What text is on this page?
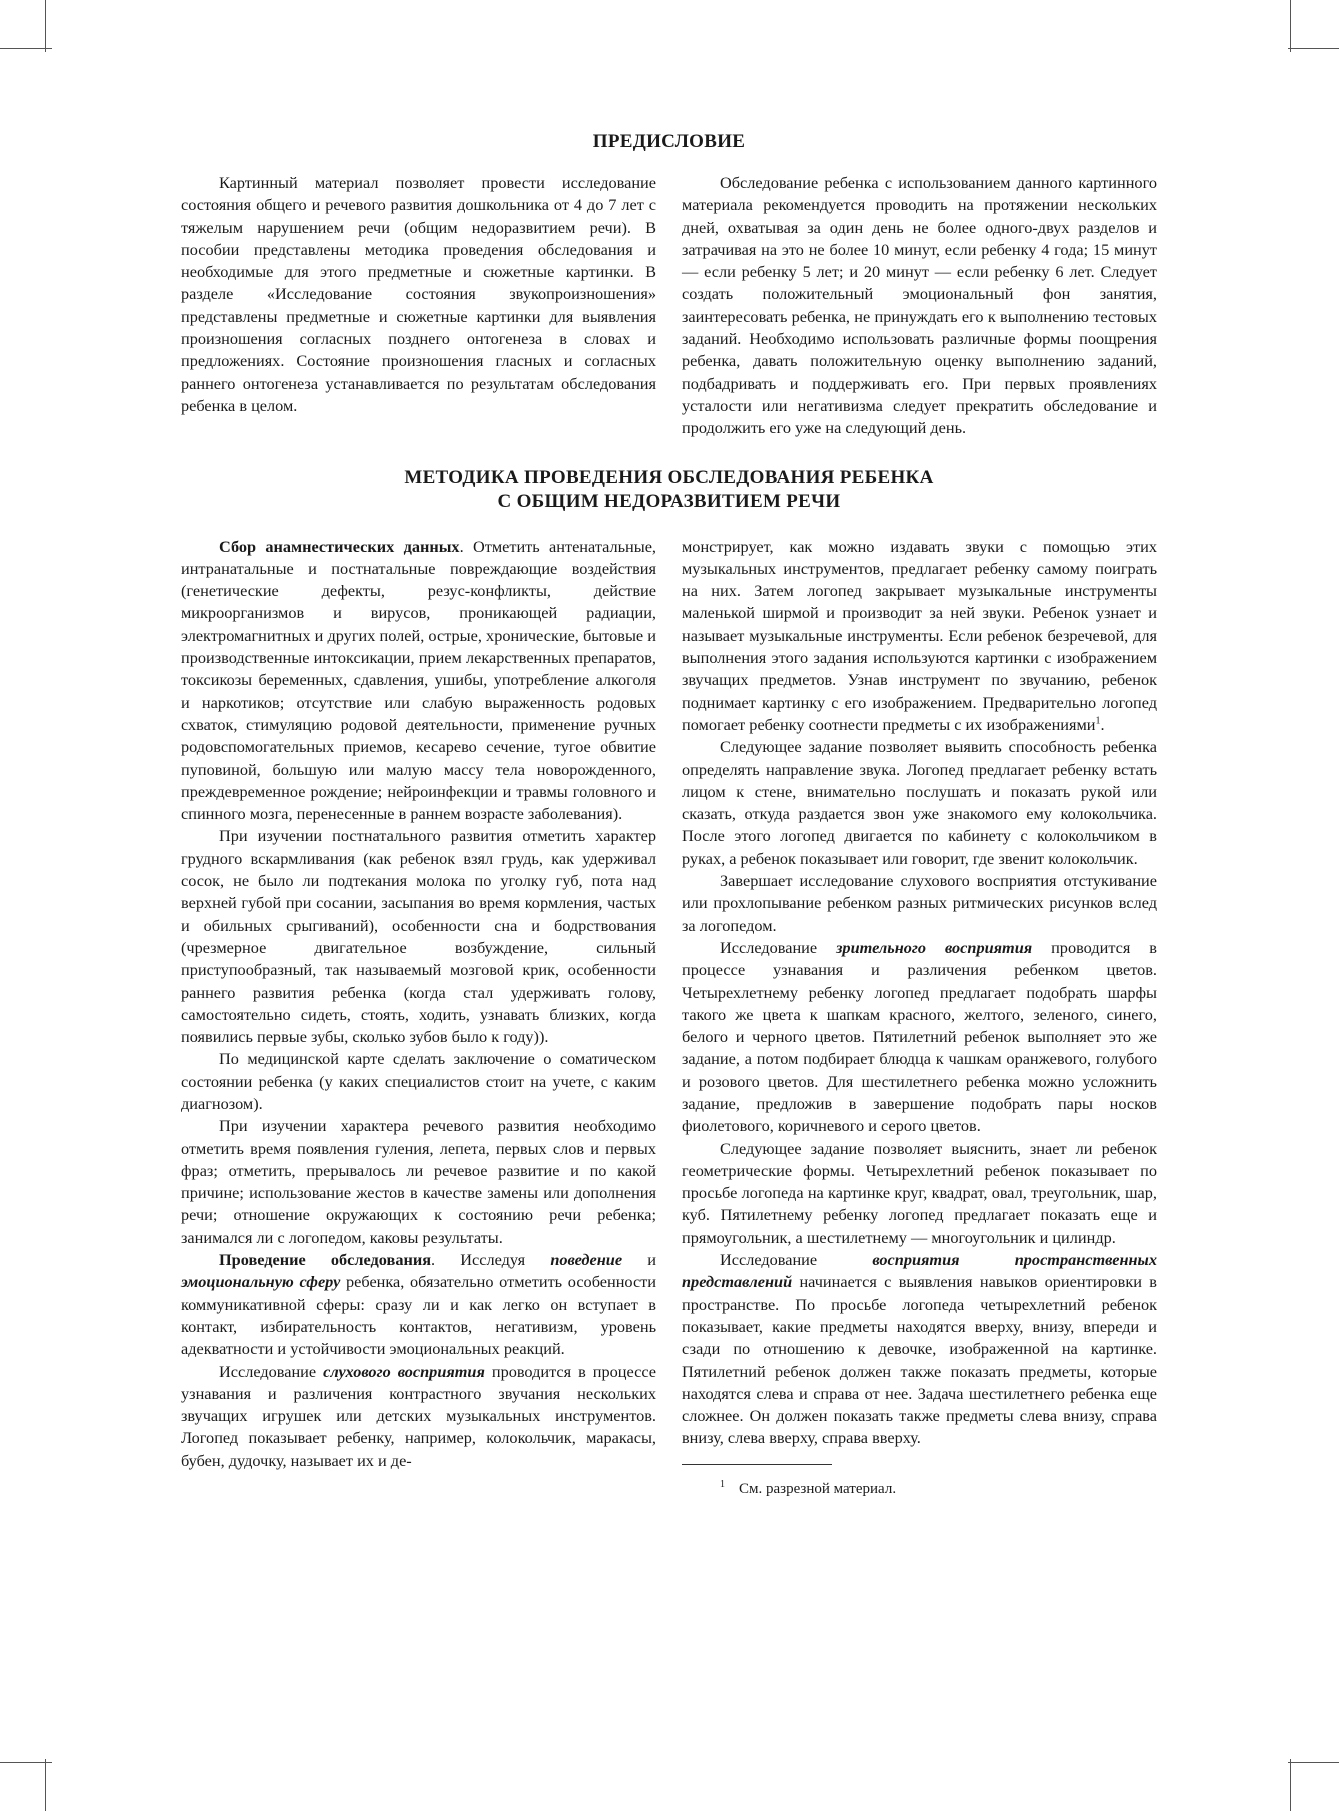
ПРЕДИСЛОВИЕ

Картинный материал позволяет провести исследование состояния общего и речевого развития дошкольника от 4 до 7 лет с тяжелым нарушением речи (общим недоразвитием речи). В пособии представлены методика проведения обследования и необходимые для этого предметные и сюжетные картинки. В разделе «Исследование состояния звукопроизношения» представлены предметные и сюжетные картинки для выявления произношения согласных позднего онтогенеза в словах и предложениях. Состояние произношения гласных и согласных раннего онтогенеза устанавливается по результатам обследования ребенка в целом.

Обследование ребенка с использованием данного картинного материала рекомендуется проводить на протяжении нескольких дней, охватывая за один день не более одного-двух разделов и затрачивая на это не более 10 минут, если ребенку 4 года; 15 минут — если ребенку 5 лет; и 20 минут — если ребенку 6 лет. Следует создать положительный эмоциональный фон занятия, заинтересовать ребенка, не принуждать его к выполнению тестовых заданий. Необходимо использовать различные формы поощрения ребенка, давать положительную оценку выполнению заданий, подбадривать и поддерживать его. При первых проявлениях усталости или негативизма следует прекратить обследование и продолжить его уже на следующий день.

МЕТОДИКА ПРОВЕДЕНИЯ ОБСЛЕДОВАНИЯ РЕБЕНКА
С ОБЩИМ НЕДОРАЗВИТИЕМ РЕЧИ

Сбор анамнестических данных. Отметить антенатальные, интранатальные и постнатальные повреждающие воздействия (генетические дефекты, резус-конфликты, действие микроорганизмов и вирусов, проникающей радиации, электромагнитных и других полей, острые, хронические, бытовые и производственные интоксикации, прием лекарственных препаратов, токсикозы беременных, сдавления, ушибы, употребление алкоголя и наркотиков; отсутствие или слабую выраженность родовых схваток, стимуляцию родовой деятельности, применение ручных родовспомогательных приемов, кесарево сечение, тугое обвитие пуповиной, большую или малую массу тела новорожденного, преждевременное рождение; нейроинфекции и травмы головного и спинного мозга, перенесенные в раннем возрасте заболевания).

При изучении постнатального развития отметить характер грудного вскармливания (как ребенок взял грудь, как удерживал сосок, не было ли подтекания молока по уголку губ, пота над верхней губой при сосании, засыпания во время кормления, частых и обильных срыгиваний), особенности сна и бодрствования (чрезмерное двигательное возбуждение, сильный приступообразный, так называемый мозговой крик, особенности раннего развития ребенка (когда стал удерживать голову, самостоятельно сидеть, стоять, ходить, узнавать близких, когда появились первые зубы, сколько зубов было к году)).

По медицинской карте сделать заключение о соматическом состоянии ребенка (у каких специалистов стоит на учете, с каким диагнозом).

При изучении характера речевого развития необходимо отметить время появления гуления, лепета, первых слов и первых фраз; отметить, прерывалось ли речевое развитие и по какой причине; использование жестов в качестве замены или дополнения речи; отношение окружающих к состоянию речи ребенка; занимался ли с логопедом, каковы результаты.

Проведение обследования. Исследуя поведение и эмоциональную сферу ребенка, обязательно отметить особенности коммуникативной сферы: сразу ли и как легко он вступает в контакт, избирательность контактов, негативизм, уровень адекватности и устойчивости эмоциональных реакций.

Исследование слухового восприятия проводится в процессе узнавания и различения контрастного звучания нескольких звучащих игрушек или детских музыкальных инструментов. Логопед показывает ребенку, например, колокольчик, маракасы, бубен, дудочку, называет их и де-

монстрирует, как можно издавать звуки с помощью этих музыкальных инструментов, предлагает ребенку самому поиграть на них. Затем логопед закрывает музыкальные инструменты маленькой ширмой и производит за ней звуки. Ребенок узнает и называет музыкальные инструменты. Если ребенок безречевой, для выполнения этого задания используются картинки с изображением звучащих предметов. Узнав инструмент по звучанию, ребенок поднимает картинку с его изображением. Предварительно логопед помогает ребенку соотнести предметы с их изображениями$^1$.

Следующее задание позволяет выявить способность ребенка определять направление звука. Логопед предлагает ребенку встать лицом к стене, внимательно послушать и показать рукой или сказать, откуда раздается звон уже знакомого ему колокольчика. После этого логопед двигается по кабинету с колокольчиком в руках, а ребенок показывает или говорит, где звенит колокольчик.

Завершает исследование слухового восприятия отстукивание или прохлопывание ребенком разных ритмических рисунков вслед за логопедом.

Исследование зрительного восприятия проводится в процессе узнавания и различения ребенком цветов. Четырехлетнему ребенку логопед предлагает подобрать шарфы такого же цвета к шапкам красного, желтого, зеленого, синего, белого и черного цветов. Пятилетний ребенок выполняет это же задание, а потом подбирает блюдца к чашкам оранжевого, голубого и розового цветов. Для шестилетнего ребенка можно усложнить задание, предложив в завершение подобрать пары носков фиолетового, коричневого и серого цветов.

Следующее задание позволяет выяснить, знает ли ребенок геометрические формы. Четырехлетний ребенок показывает по просьбе логопеда на картинке круг, квадрат, овал, треугольник, шар, куб. Пятилетнему ребенку логопед предлагает показать еще и прямоугольник, а шестилетнему — многоугольник и цилиндр.

Исследование восприятия пространственных представлений начинается с выявления навыков ориентировки в пространстве. По просьбе логопеда четырехлетний ребенок показывает, какие предметы находятся вверху, внизу, впереди и сзади по отношению к девочке, изображенной на картинке. Пятилетний ребенок должен также показать предметы, которые находятся слева и справа от нее. Задача шестилетнего ребенка еще сложнее. Он должен показать также предметы слева внизу, справа внизу, слева вверху, справа вверху.

$^1$ См. разрезной материал.
